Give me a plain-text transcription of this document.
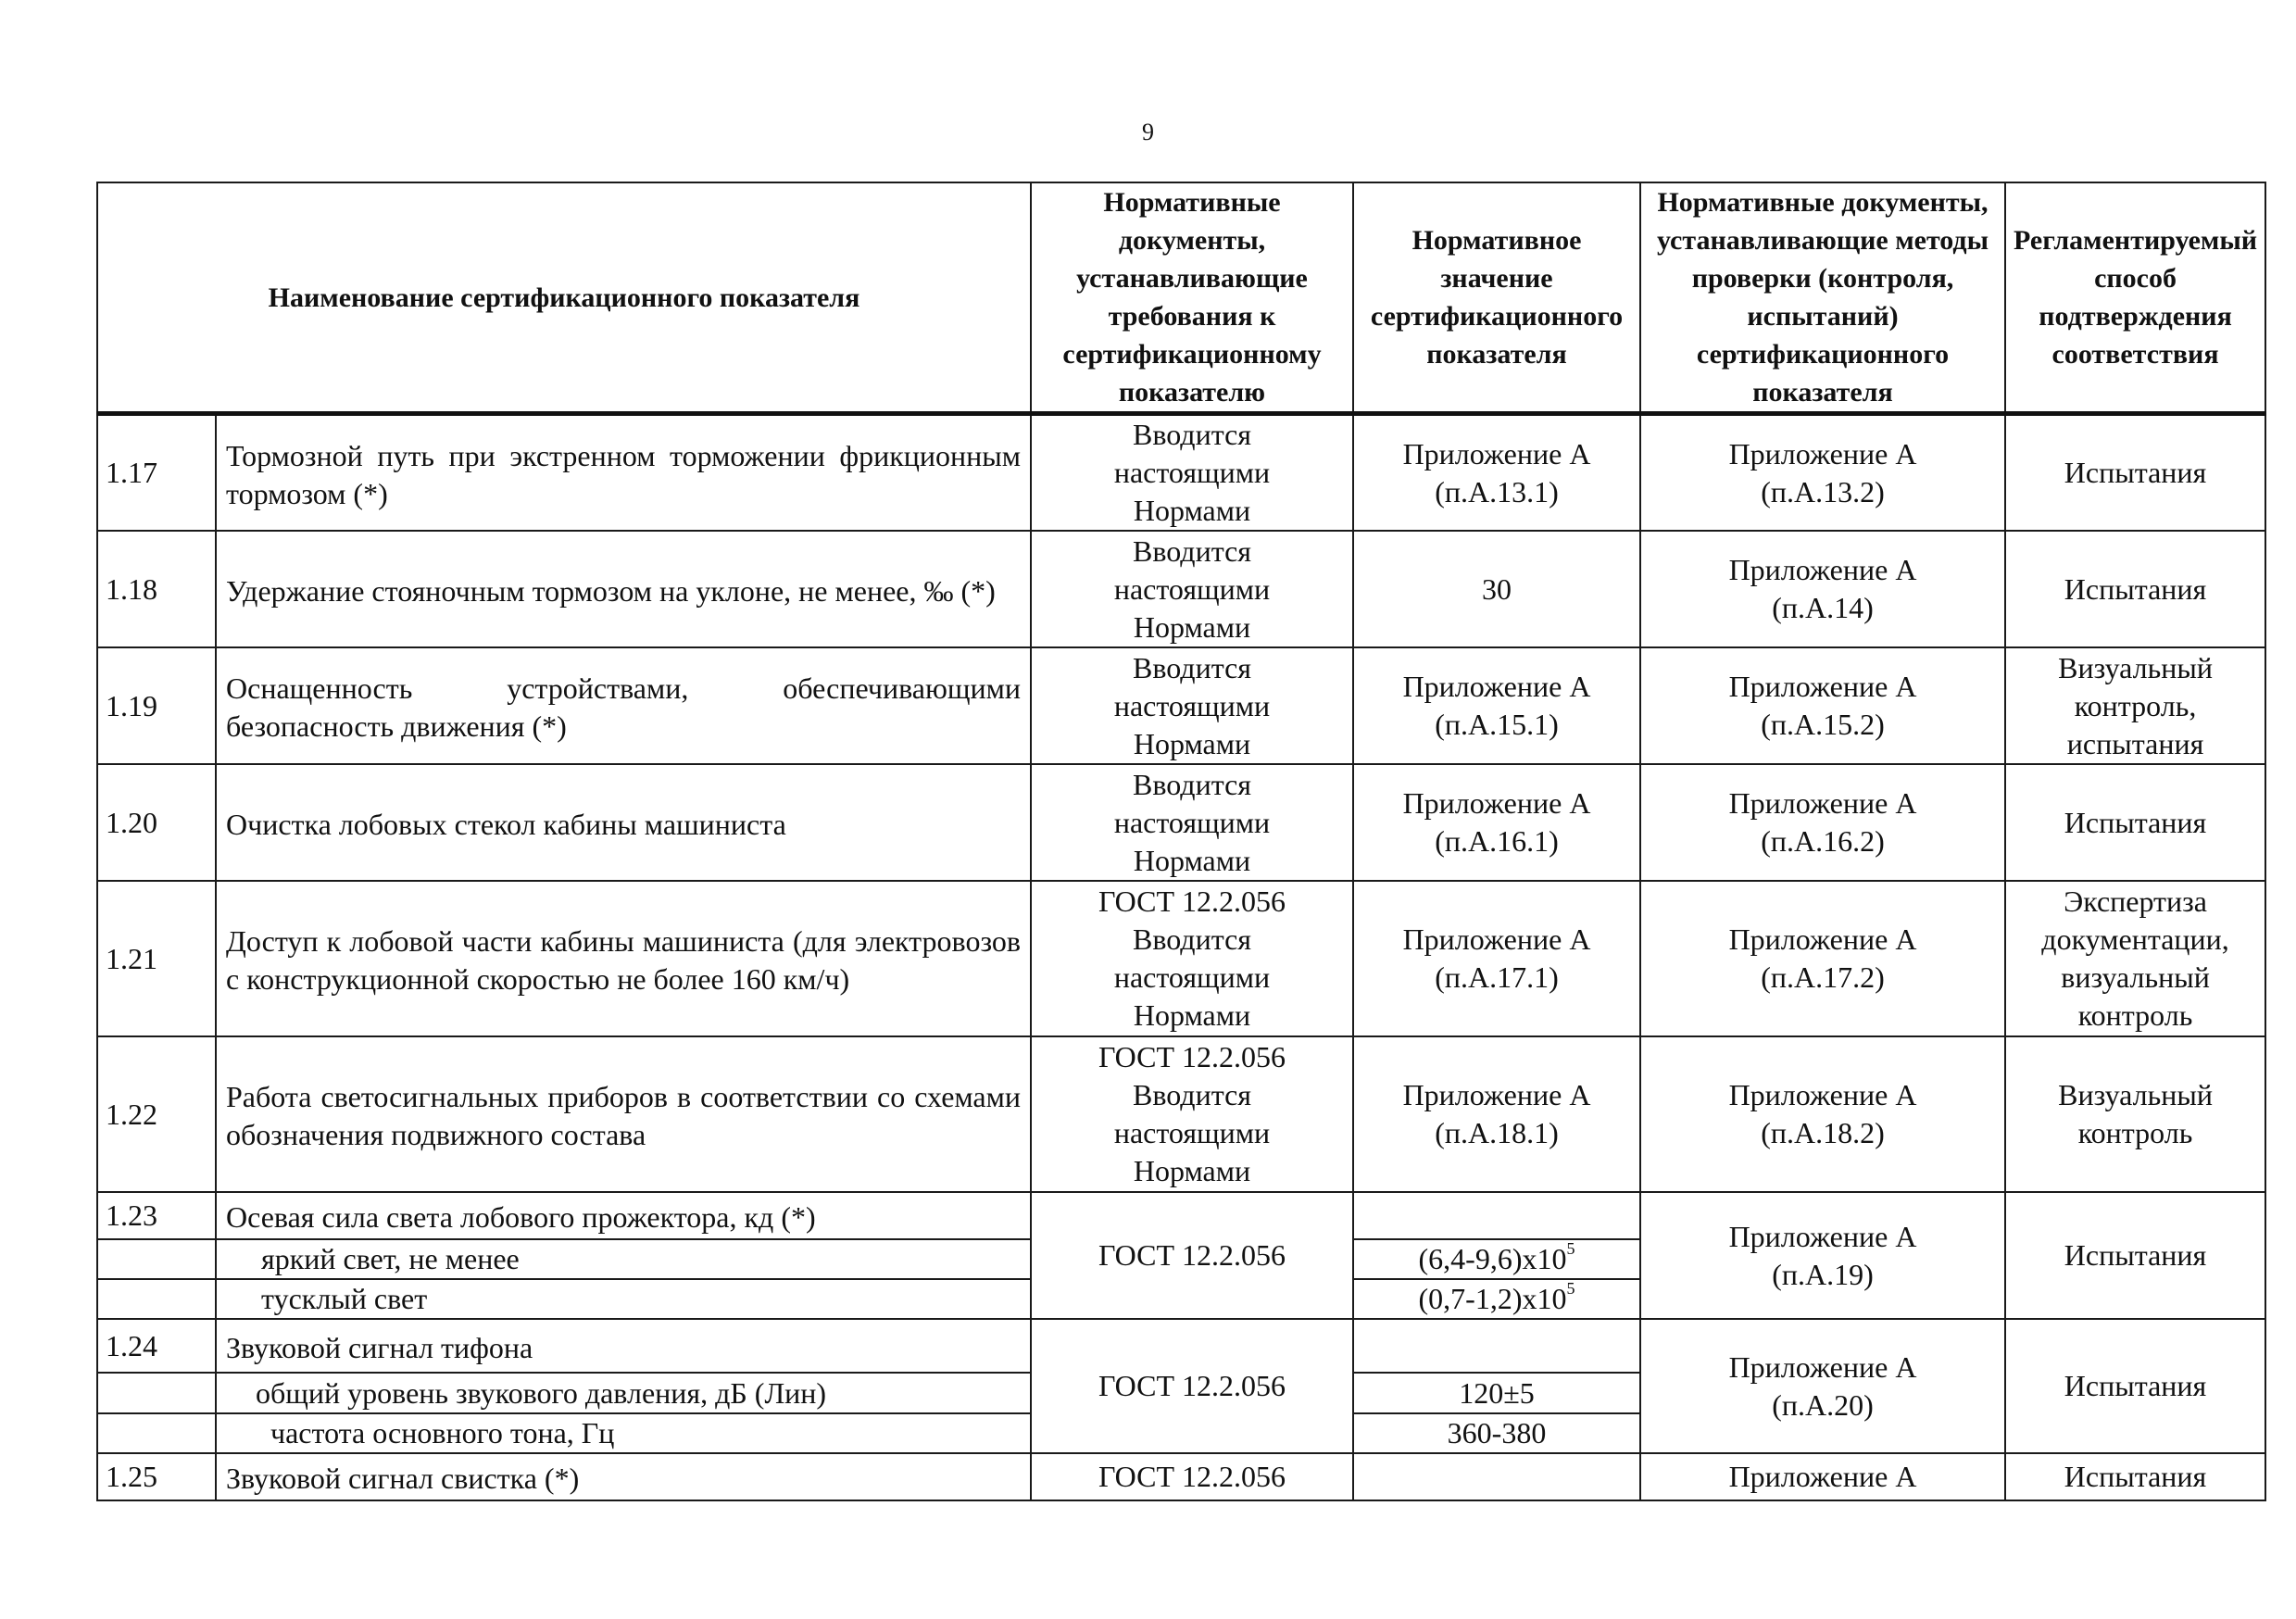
9
Наименование сертификационного показателя		Нормативные документы, устанавливающие требования к сертификационному показателю	Нормативное значение сертификационного показателя	Нормативные документы, устанавливающие методы проверки (контроля, испытаний) сертификационного показателя	Регламентируемый способ подтверждения соответствия
1.17	Тормозной путь при экстренном торможении фрикционным тормозом (*)	Вводится настоящими Нормами	Приложение А (п.А.13.1)	Приложение А (п.А.13.2)	Испытания
1.18	Удержание стояночным тормозом на уклоне, не менее, ‰ (*)	Вводится настоящими Нормами	30	Приложение А (п.А.14)	Испытания
1.19	Оснащенность устройствами, обеспечивающими безопасность движения (*)	Вводится настоящими Нормами	Приложение А (п.А.15.1)	Приложение А (п.А.15.2)	Визуальный контроль, испытания
1.20	Очистка лобовых стекол кабины машиниста	Вводится настоящими Нормами	Приложение А (п.А.16.1)	Приложение А (п.А.16.2)	Испытания
1.21	Доступ к лобовой части кабины машиниста (для электровозов с конструкционной скоростью не более 160 км/ч)	ГОСТ 12.2.056 Вводится настоящими Нормами	Приложение А (п.А.17.1)	Приложение А (п.А.17.2)	Экспертиза документации, визуальный контроль
1.22	Работа светосигнальных приборов в соответствии со схемами обозначения подвижного состава	ГОСТ 12.2.056 Вводится настоящими Нормами	Приложение А (п.А.18.1)	Приложение А (п.А.18.2)	Визуальный контроль
1.23	Осевая сила света лобового прожектора, кд (*)	ГОСТ 12.2.056		Приложение А (п.А.19)	Испытания
	яркий свет, не менее		$(6,4-9,6)x10^5$
	тусклый свет		$(0,7-1,2)x10^5$
1.24	Звуковой сигнал тифона	ГОСТ 12.2.056		Приложение А (п.А.20)	Испытания
	общий уровень звукового давления, дБ (Лин)		120±5		
	частота основного тона, Гц		360-380		
1.25	Звуковой сигнал свистка (*)	ГОСТ 12.2.056		Приложение А	Испытания
